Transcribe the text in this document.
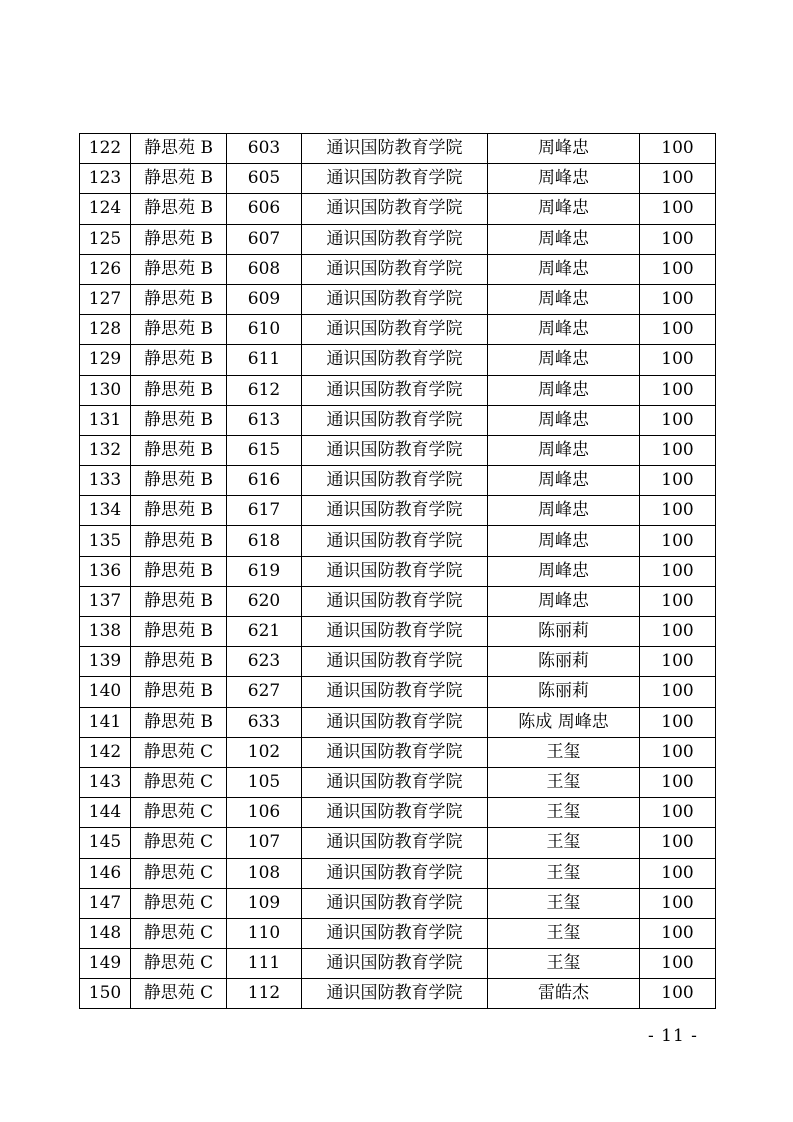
122	静思苑 B	603	通识国防教育学院	周峰忠	100
123	静思苑 B	605	通识国防教育学院	周峰忠	100
124	静思苑 B	606	通识国防教育学院	周峰忠	100
125	静思苑 B	607	通识国防教育学院	周峰忠	100
126	静思苑 B	608	通识国防教育学院	周峰忠	100
127	静思苑 B	609	通识国防教育学院	周峰忠	100
128	静思苑 B	610	通识国防教育学院	周峰忠	100
129	静思苑 B	611	通识国防教育学院	周峰忠	100
130	静思苑 B	612	通识国防教育学院	周峰忠	100
131	静思苑 B	613	通识国防教育学院	周峰忠	100
132	静思苑 B	615	通识国防教育学院	周峰忠	100
133	静思苑 B	616	通识国防教育学院	周峰忠	100
134	静思苑 B	617	通识国防教育学院	周峰忠	100
135	静思苑 B	618	通识国防教育学院	周峰忠	100
136	静思苑 B	619	通识国防教育学院	周峰忠	100
137	静思苑 B	620	通识国防教育学院	周峰忠	100
138	静思苑 B	621	通识国防教育学院	陈丽莉	100
139	静思苑 B	623	通识国防教育学院	陈丽莉	100
140	静思苑 B	627	通识国防教育学院	陈丽莉	100
141	静思苑 B	633	通识国防教育学院	陈成 周峰忠	100
142	静思苑 C	102	通识国防教育学院	王玺	100
143	静思苑 C	105	通识国防教育学院	王玺	100
144	静思苑 C	106	通识国防教育学院	王玺	100
145	静思苑 C	107	通识国防教育学院	王玺	100
146	静思苑 C	108	通识国防教育学院	王玺	100
147	静思苑 C	109	通识国防教育学院	王玺	100
148	静思苑 C	110	通识国防教育学院	王玺	100
149	静思苑 C	111	通识国防教育学院	王玺	100
150	静思苑 C	112	通识国防教育学院	雷皓杰	100
- 11 -
